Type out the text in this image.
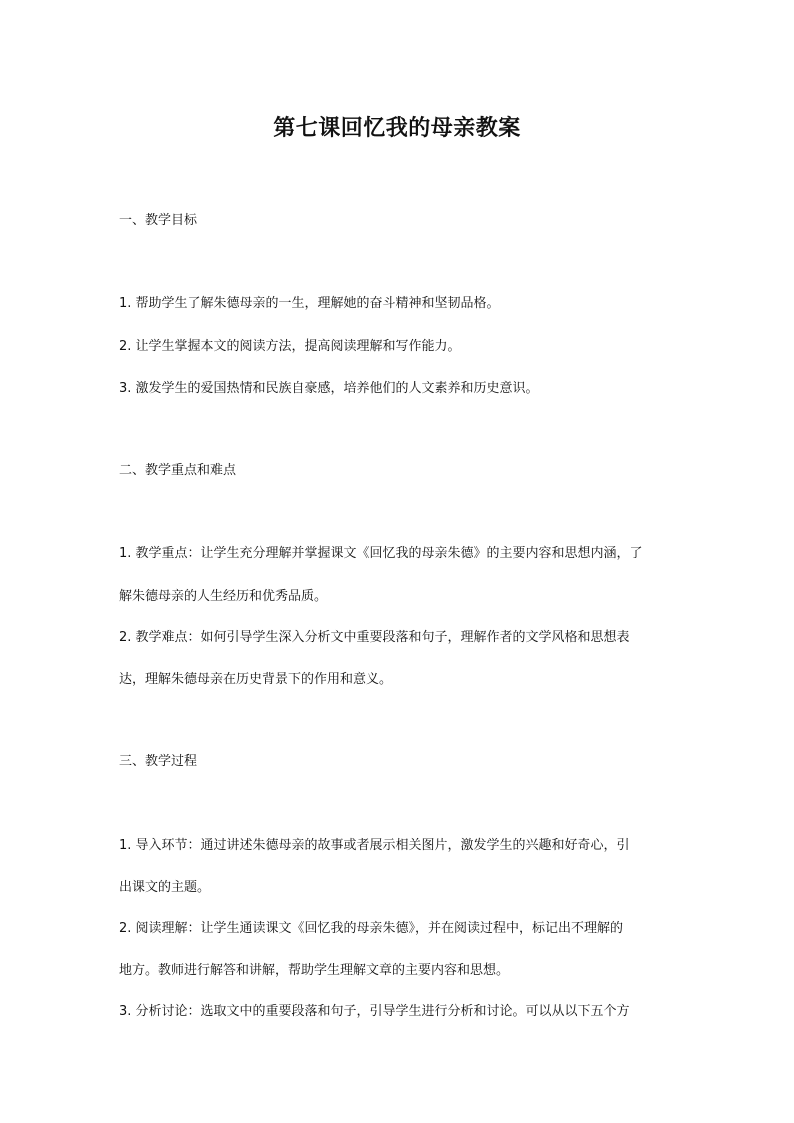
第七课回忆我的母亲教案
一、教学目标
1. 帮助学生了解朱德母亲的一生，理解她的奋斗精神和坚韧品格。
2. 让学生掌握本文的阅读方法，提高阅读理解和写作能力。
3. 激发学生的爱国热情和民族自豪感，培养他们的人文素养和历史意识。
二、教学重点和难点
1. 教学重点：让学生充分理解并掌握课文《回忆我的母亲朱德》的主要内容和思想内涵，了
解朱德母亲的人生经历和优秀品质。
2. 教学难点：如何引导学生深入分析文中重要段落和句子，理解作者的文学风格和思想表
达，理解朱德母亲在历史背景下的作用和意义。
三、教学过程
1. 导入环节：通过讲述朱德母亲的故事或者展示相关图片，激发学生的兴趣和好奇心，引
出课文的主题。
2. 阅读理解：让学生通读课文《回忆我的母亲朱德》，并在阅读过程中，标记出不理解的
地方。教师进行解答和讲解，帮助学生理解文章的主要内容和思想。
3. 分析讨论：选取文中的重要段落和句子，引导学生进行分析和讨论。可以从以下五个方
